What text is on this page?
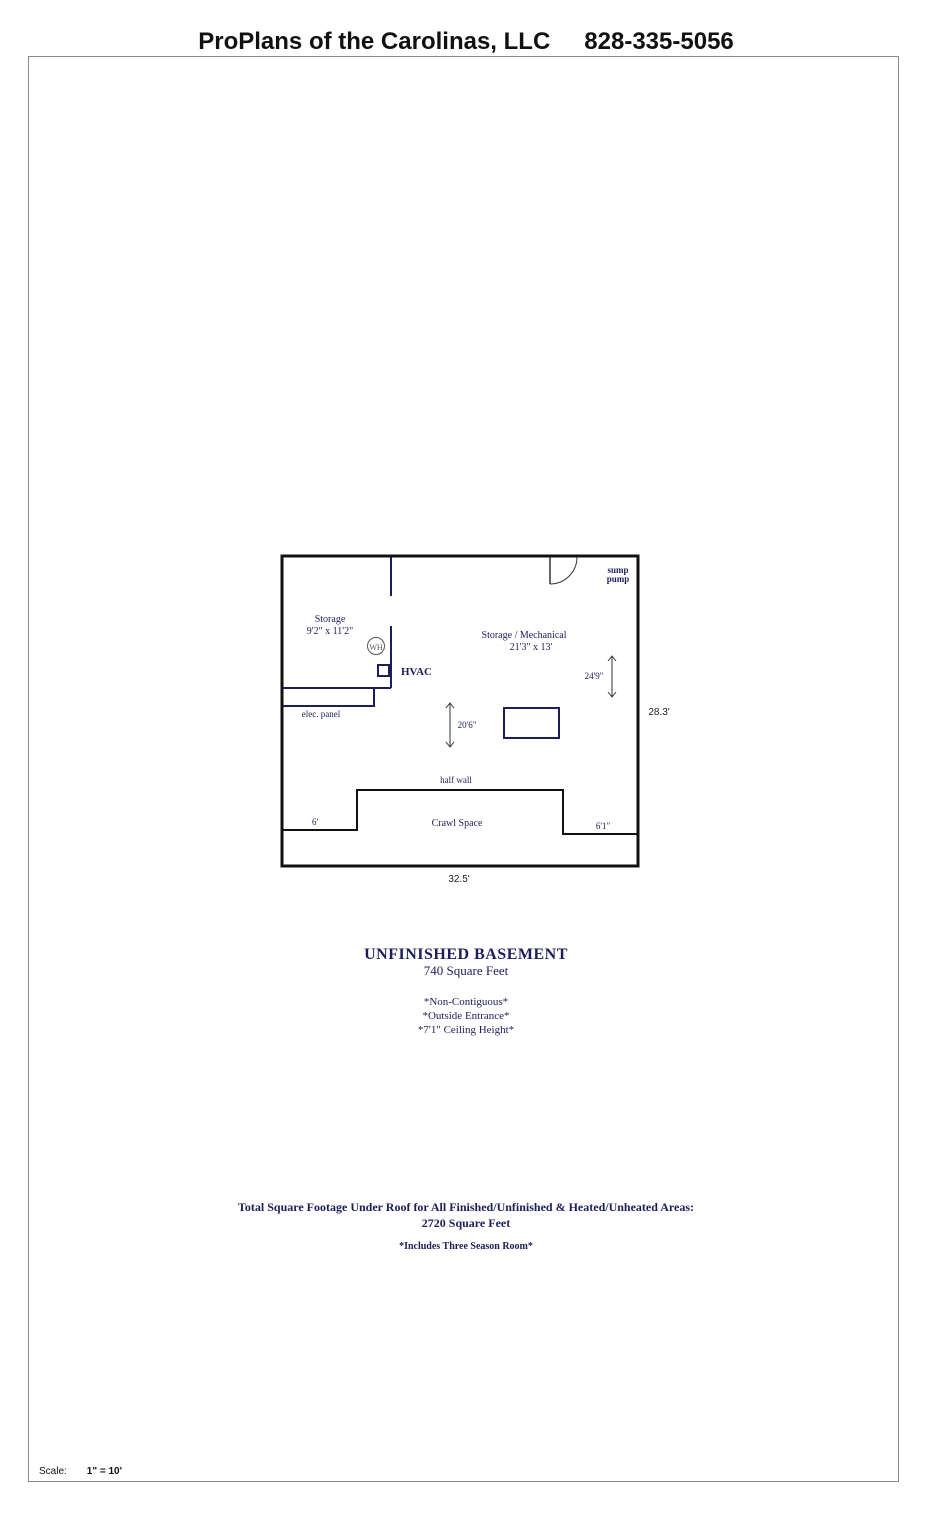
ProPlans of the Carolinas, LLC 828-335-5056
sump
pump
Storage
9'2" x 11'2"
WH
Storage / Mechanical
21'3" x 13'
HVAC	24'9"
20'6"
elec. panel
half wall
Crawl Space
6'	6'1"
28.3'
32.5'
UNFINISHED BASEMENT
740 Square Feet
*Non-Contiguous*
*Outside Entrance*
*7'1" Ceiling Height*
Total Square Footage Under Roof for All Finished/Unfinished & Heated/Unheated Areas:
2720 Square Feet
*Includes Three Season Room*
Scale: 1" = 10'
